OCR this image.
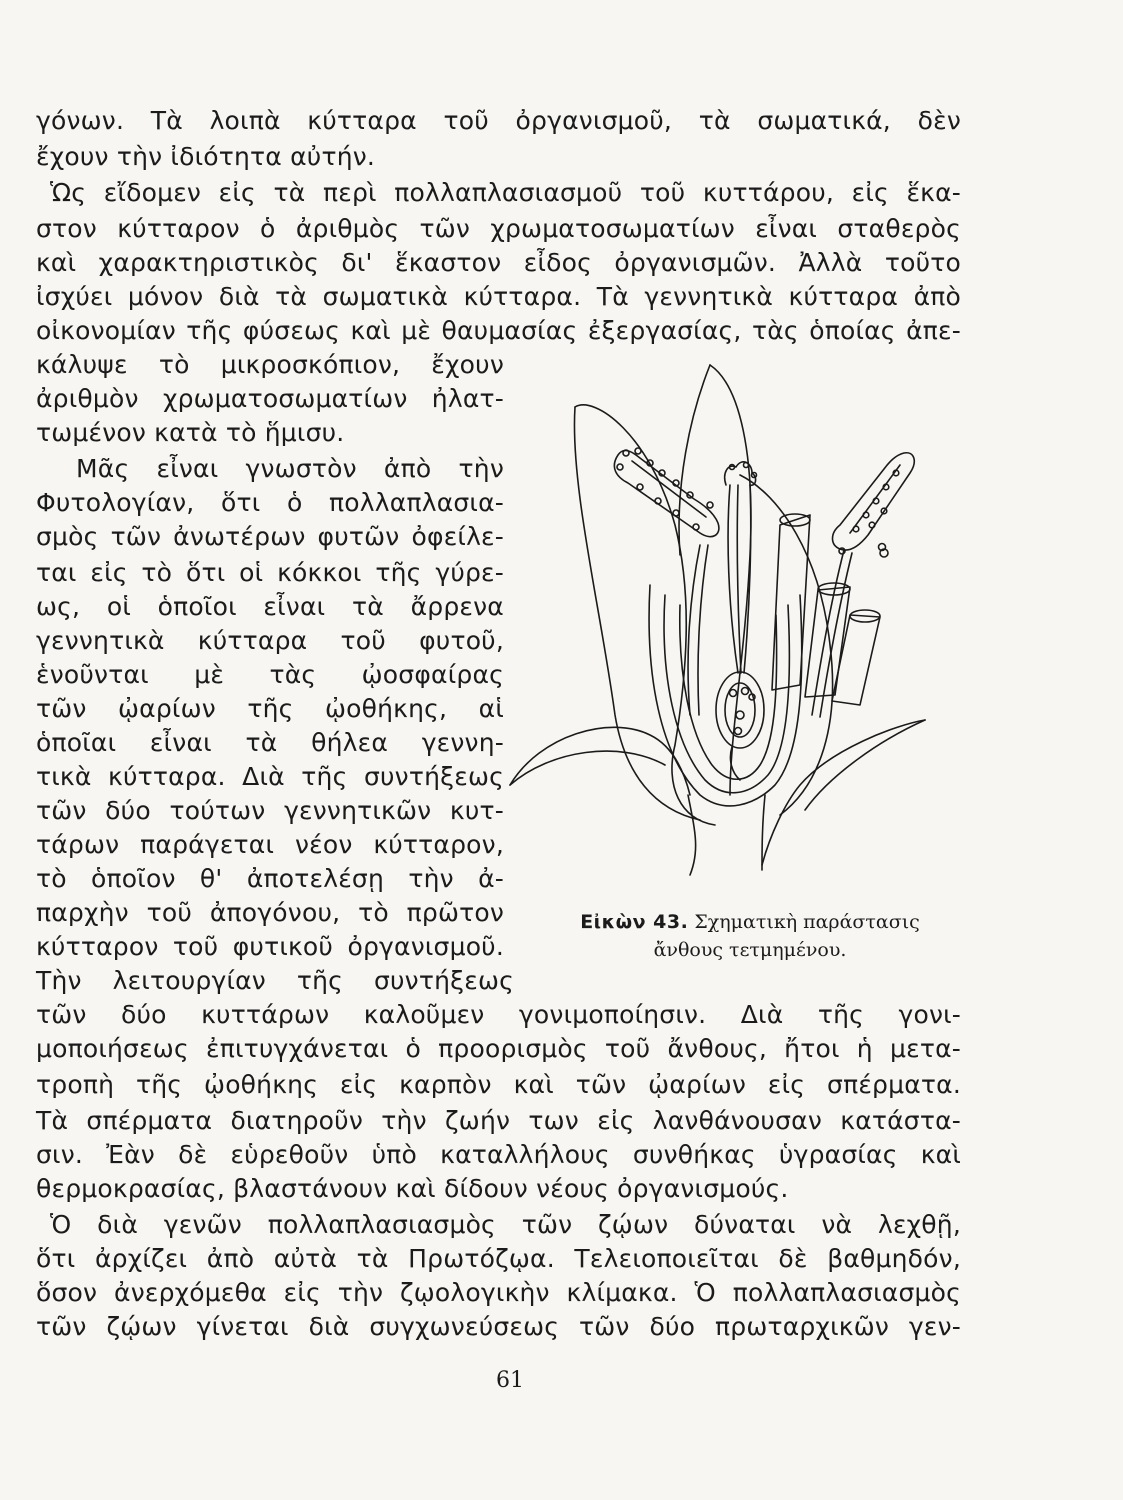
γόνων. Τὰ λοιπὰ κύτταρα τοῦ ὀργανισμοῦ, τὰ σωματικά, δὲν
ἔχουν τὴν ἰδιότητα αὐτήν.
Ὡς εἴδομεν εἰς τὰ περὶ πολλαπλασιασμοῦ τοῦ κυττάρου, εἰς ἕκα-
στον κύτταρον ὁ ἀριθμὸς τῶν χρωματοσωματίων εἶναι σταθερὸς
καὶ χαρακτηριστικὸς δι' ἕκαστον εἶδος ὀργανισμῶν. Ἀλλὰ τοῦτο
ἰσχύει μόνον διὰ τὰ σωματικὰ κύτταρα. Τὰ γεννητικὰ κύτταρα ἀπὸ
οἰκονομίαν τῆς φύσεως καὶ μὲ θαυμασίας ἐξεργασίας, τὰς ὁποίας ἀπε-
κάλυψε τὸ μικροσκόπιον, ἔχουν
ἀριθμὸν χρωματοσωματίων ἠλατ-
τωμένον κατὰ τὸ ἥμισυ.
Μᾶς εἶναι γνωστὸν ἀπὸ τὴν
Φυτολογίαν, ὅτι ὁ πολλαπλασια-
σμὸς τῶν ἀνωτέρων φυτῶν ὀφείλε-
ται εἰς τὸ ὅτι οἱ κόκκοι τῆς γύρε-
ως, οἱ ὁποῖοι εἶναι τὰ ἄρρενα
γεννητικὰ κύτταρα τοῦ φυτοῦ,
ἑνοῦνται μὲ τὰς ᾠοσφαίρας
τῶν ᾠαρίων τῆς ᾠοθήκης, αἱ
ὁποῖαι εἶναι τὰ θήλεα γεννη-
τικὰ κύτταρα. Διὰ τῆς συντήξεως
τῶν δύο τούτων γεννητικῶν κυτ-
τάρων παράγεται νέον κύτταρον,
τὸ ὁποῖον θ' ἀποτελέσῃ τὴν ἀ-
παρχὴν τοῦ ἀπογόνου, τὸ πρῶτον
κύτταρον τοῦ φυτικοῦ ὀργανισμοῦ.
Τὴν λειτουργίαν τῆς συντήξεως
τῶν δύο κυττάρων καλοῦμεν γονιμοποίησιν. Διὰ τῆς γονι-
μοποιήσεως ἐπιτυγχάνεται ὁ προορισμὸς τοῦ ἄνθους, ἤτοι ἡ μετα-
τροπὴ τῆς ᾠοθήκης εἰς καρπὸν καὶ τῶν ᾠαρίων εἰς σπέρματα.
Τὰ σπέρματα διατηροῦν τὴν ζωήν των εἰς λανθάνουσαν κατάστα-
σιν. Ἐὰν δὲ εὑρεθοῦν ὑπὸ καταλλήλους συνθήκας ὑγρασίας καὶ
θερμοκρασίας, βλαστάνουν καὶ δίδουν νέους ὀργανισμούς.
Ὁ διὰ γενῶν πολλαπλασιασμὸς τῶν ζῴων δύναται νὰ λεχθῇ,
ὅτι ἀρχίζει ἀπὸ αὐτὰ τὰ Πρωτόζῳα. Τελειοποιεῖται δὲ βαθμηδόν,
ὅσον ἀνερχόμεθα εἰς τὴν ζῳολογικὴν κλίμακα. Ὁ πολλαπλασιασμὸς
τῶν ζῴων γίνεται διὰ συγχωνεύσεως τῶν δύο πρωταρχικῶν γεν-
Εἰκὼν 43. Σχηματικὴ παράστασις
ἄνθους τετμημένου.
61
